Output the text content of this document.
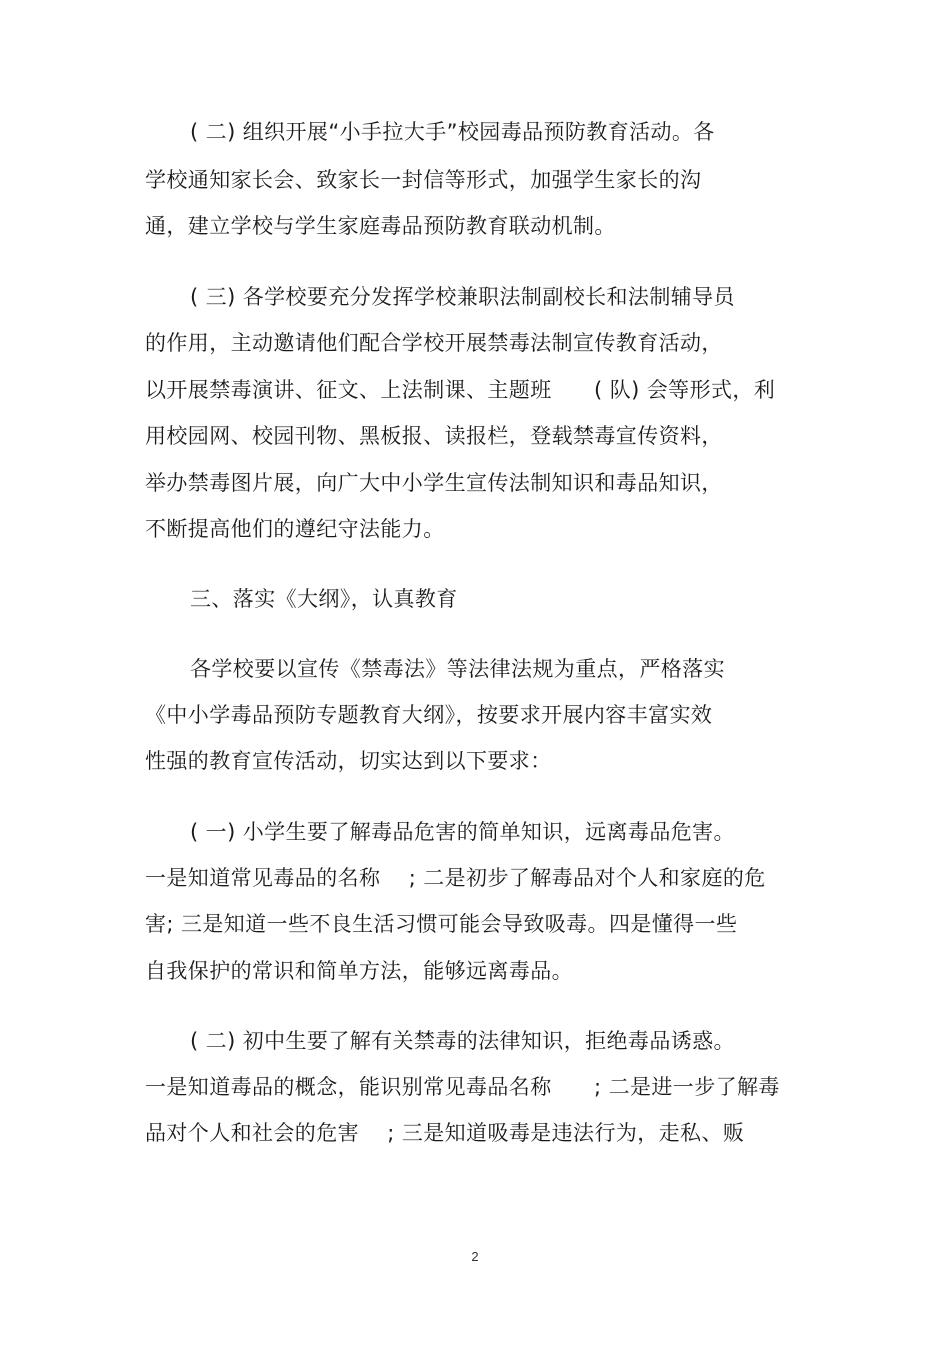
( 二) 组织开展“小手拉大手”校园毒品预防教育活动。各
学校通知家长会、致家长一封信等形式，加强学生家长的沟
通，建立学校与学生家庭毒品预防教育联动机制。
( 三) 各学校要充分发挥学校兼职法制副校长和法制辅导员
的作用，主动邀请他们配合学校开展禁毒法制宣传教育活动，
以开展禁毒演讲、征文、上法制课、主题班      ( 队) 会等形式，利
用校园网、校园刊物、黑板报、读报栏，登载禁毒宣传资料，
举办禁毒图片展，向广大中小学生宣传法制知识和毒品知识，
不断提高他们的遵纪守法能力。
三、落实《大纲》，认真教育
各学校要以宣传《禁毒法》等法律法规为重点，严格落实
《中小学毒品预防专题教育大纲》，按要求开展内容丰富实效
性强的教育宣传活动，切实达到以下要求：
( 一) 小学生要了解毒品危害的简单知识，远离毒品危害。
一是知道常见毒品的名称    ; 二是初步了解毒品对个人和家庭的危
害; 三是知道一些不良生活习惯可能会导致吸毒。四是懂得一些
自我保护的常识和简单方法，能够远离毒品。
( 二) 初中生要了解有关禁毒的法律知识，拒绝毒品诱惑。
一是知道毒品的概念，能识别常见毒品名称      ; 二是进一步了解毒
品对个人和社会的危害    ; 三是知道吸毒是违法行为，走私、贩
2
